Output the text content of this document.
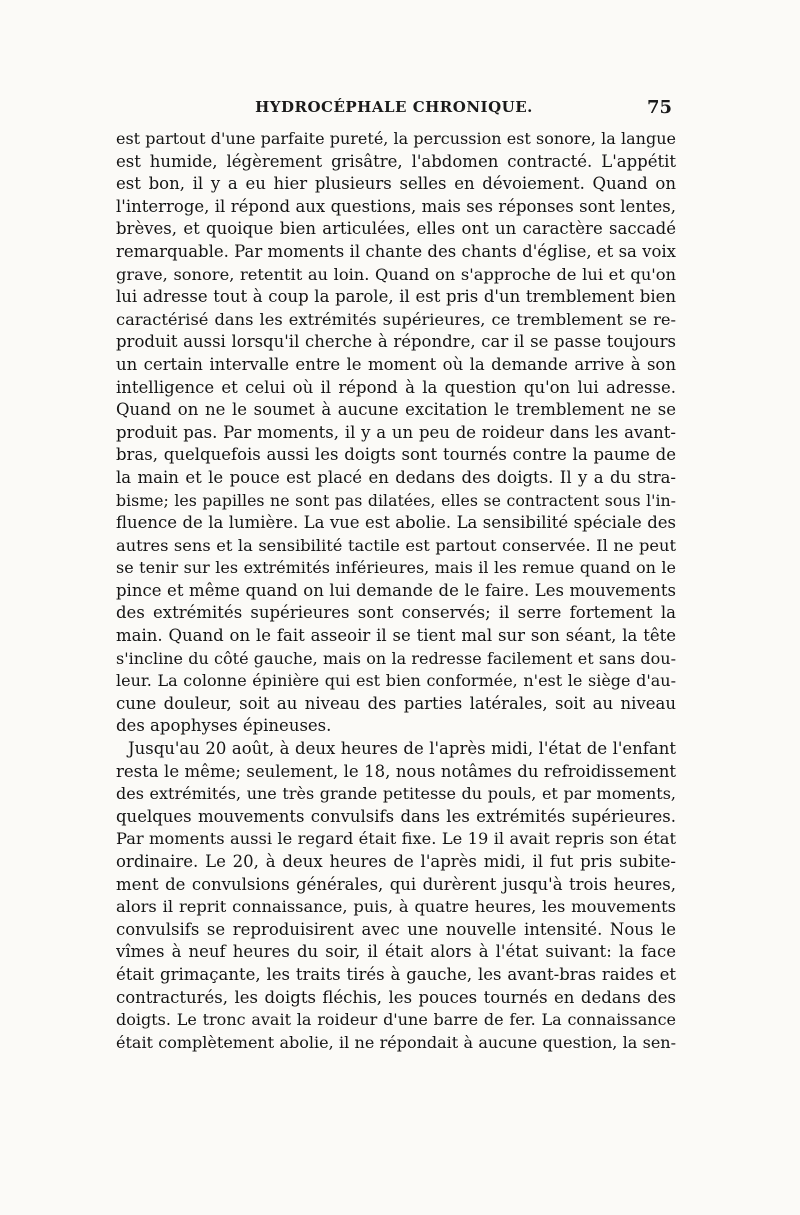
HYDROCÉPHALE CHRONIQUE.	75
est partout d'une parfaite pureté, la percussion est sonore, la langue
est humide, légèrement grisâtre, l'abdomen contracté. L'appétit
est bon, il y a eu hier plusieurs selles en dévoiement. Quand on
l'interroge, il répond aux questions, mais ses réponses sont lentes,
brèves, et quoique bien articulées, elles ont un caractère saccadé
remarquable. Par moments il chante des chants d'église, et sa voix
grave, sonore, retentit au loin. Quand on s'approche de lui et qu'on
lui adresse tout à coup la parole, il est pris d'un tremblement bien
caractérisé dans les extrémités supérieures, ce tremblement se re-
produit aussi lorsqu'il cherche à répondre, car il se passe toujours
un certain intervalle entre le moment où la demande arrive à son
intelligence et celui où il répond à la question qu'on lui adresse.
Quand on ne le soumet à aucune excitation le tremblement ne se
produit pas. Par moments, il y a un peu de roideur dans les avant-
bras, quelquefois aussi les doigts sont tournés contre la paume de
la main et le pouce est placé en dedans des doigts. Il y a du stra-
bisme; les papilles ne sont pas dilatées, elles se contractent sous l'in-
fluence de la lumière. La vue est abolie. La sensibilité spéciale des
autres sens et la sensibilité tactile est partout conservée. Il ne peut
se tenir sur les extrémités inférieures, mais il les remue quand on le
pince et même quand on lui demande de le faire. Les mouvements
des extrémités supérieures sont conservés; il serre fortement la
main. Quand on le fait asseoir il se tient mal sur son séant, la tête
s'incline du côté gauche, mais on la redresse facilement et sans dou-
leur. La colonne épinière qui est bien conformée, n'est le siège d'au-
cune douleur, soit au niveau des parties latérales, soit au niveau
des apophyses épineuses.
Jusqu'au 20 août, à deux heures de l'après midi, l'état de l'enfant
resta le même; seulement, le 18, nous notâmes du refroidissement
des extrémités, une très grande petitesse du pouls, et par moments,
quelques mouvements convulsifs dans les extrémités supérieures.
Par moments aussi le regard était fixe. Le 19 il avait repris son état
ordinaire. Le 20, à deux heures de l'après midi, il fut pris subite-
ment de convulsions générales, qui durèrent jusqu'à trois heures,
alors il reprit connaissance, puis, à quatre heures, les mouvements
convulsifs se reproduisirent avec une nouvelle intensité. Nous le
vîmes à neuf heures du soir, il était alors à l'état suivant: la face
était grimaçante, les traits tirés à gauche, les avant-bras raides et
contracturés, les doigts fléchis, les pouces tournés en dedans des
doigts. Le tronc avait la roideur d'une barre de fer. La connaissance
était complètement abolie, il ne répondait à aucune question, la sen-
